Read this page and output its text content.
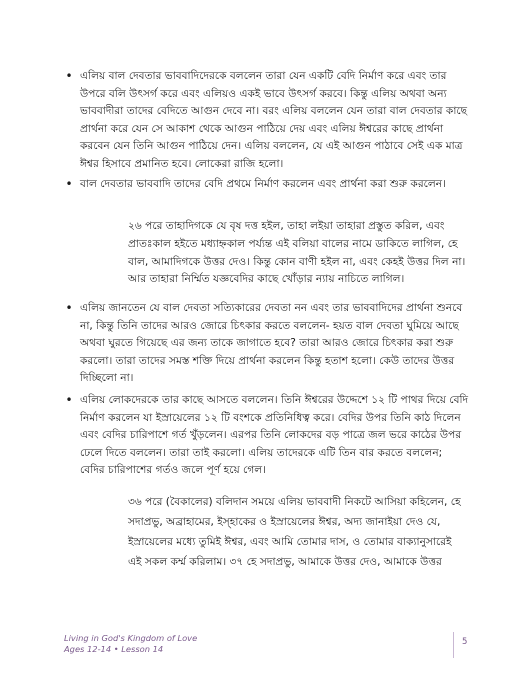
• এলিয় বাল দেবতার ভাববাদিদেরকে বললেন তারা যেন একটি বেদি নির্মাণ করে এবং তার উপরে বলি উৎসর্গ করে এবং এলিয়ও একই ভাবে উৎসর্গ করবে। কিন্তু এলিয় অথবা অন্য ভাববাদীরা তাদের বেদিতে আগুন দেবে না। বরং এলিয় বললেন যেন তারা বাল দেবতার কাছে প্রার্থনা করে যেন সে আকাশ থেকে আগুন পাঠিয়ে দেয় এবং এলিয় ঈশ্বরের কাছে প্রার্থনা করবেন যেন তিনি আগুন পাঠিয়ে দেন। এলিয় বললেন, যে এই আগুন পাঠাবে সেই এক মাত্র ঈশ্বর হিসাবে প্রমানিত হবে। লোকেরা রাজি হলো।
• বাল দেবতার ভাববাদি তাদের বেদি প্রথমে নির্মাণ করলেন এবং প্রার্থনা করা শুরু করলেন।
২৬ পরে তাহাদিগকে যে বৃষ দত্ত হইল, তাহা লইয়া তাহারা প্রস্তুত করিল, এবং প্রাতঃকাল হইতে মধ্যাহ্নকাল পর্য্যন্ত এই বলিয়া বালের নামে ডাকিতে লাগিল, হে বাল, আমাদিগকে উত্তর দেও। কিন্তু কোন বাণী হইল না, এবং কেহই উত্তর দিল না। আর তাহারা নির্ম্মিত যজ্ঞবেদির কাছে খোঁড়ার ন্যায় নাচিতে লাগিল।
• এলিয় জানতেন যে বাল দেবতা সত্যিকারের দেবতা নন এবং তার ভাববাদিদের প্রার্থনা শুনবে না, কিন্তু তিনি তাদের আরও জোরে চিৎকার করতে বললেন- হয়ত বাল দেবতা ঘুমিয়ে আছে অথবা ঘুরতে গিয়েছে এর জন্য তাকে জাগাতে হবে? তারা আরও জোরে চিৎকার করা শুরু করলো। তারা তাদের সমস্ত শক্তি দিয়ে প্রার্থনা করলেন কিন্তু হতাশ হলো। কেউ তাদের উত্তর দিচ্ছিলো না।
• এলিয় লোকদেরকে তার কাছে আসতে বললেন। তিনি ঈশ্বরের উদ্দেশে ১২ টি পাথর দিয়ে বেদি নির্মাণ করলেন যা ইস্রায়েলের ১২ টি বংশকে প্রতিনিধিত্ব করে। বেদির উপর তিনি কাঠ দিলেন এবং বেদির চারিপাশে গর্ত খুঁড়লেন। এরপর তিনি লোকদের বড় পাত্রে জল ভরে কাঠের উপর ঢেলে দিতে বললেন। তারা তাই করলো। এলিয় তাদেরকে এটি তিন বার করতে বললেন; বেদির চারিপাশের গর্তও জলে পূর্ণ হয়ে গেল।
৩৬ পরে (বৈকালের) বলিদান সময়ে এলিয় ভাববাদী নিকটে আসিয়া কহিলেন, হে সদাপ্রভু, অব্রাহামের, ইস্‌হাকের ও ইস্রায়েলের ঈশ্বর, অদ্য জানাইয়া দেও যে, ইস্রায়েলের মধ্যে তুমিই ঈশ্বর, এবং আমি তোমার দাস, ও তোমার বাক্যানুসারেই এই সকল কর্ম্ম করিলাম। ৩৭ হে সদাপ্রভু, আমাকে উত্তর দেও, আমাকে উত্তর
Living in God's Kingdom of Love
Ages 12-14 • Lesson 14
5
